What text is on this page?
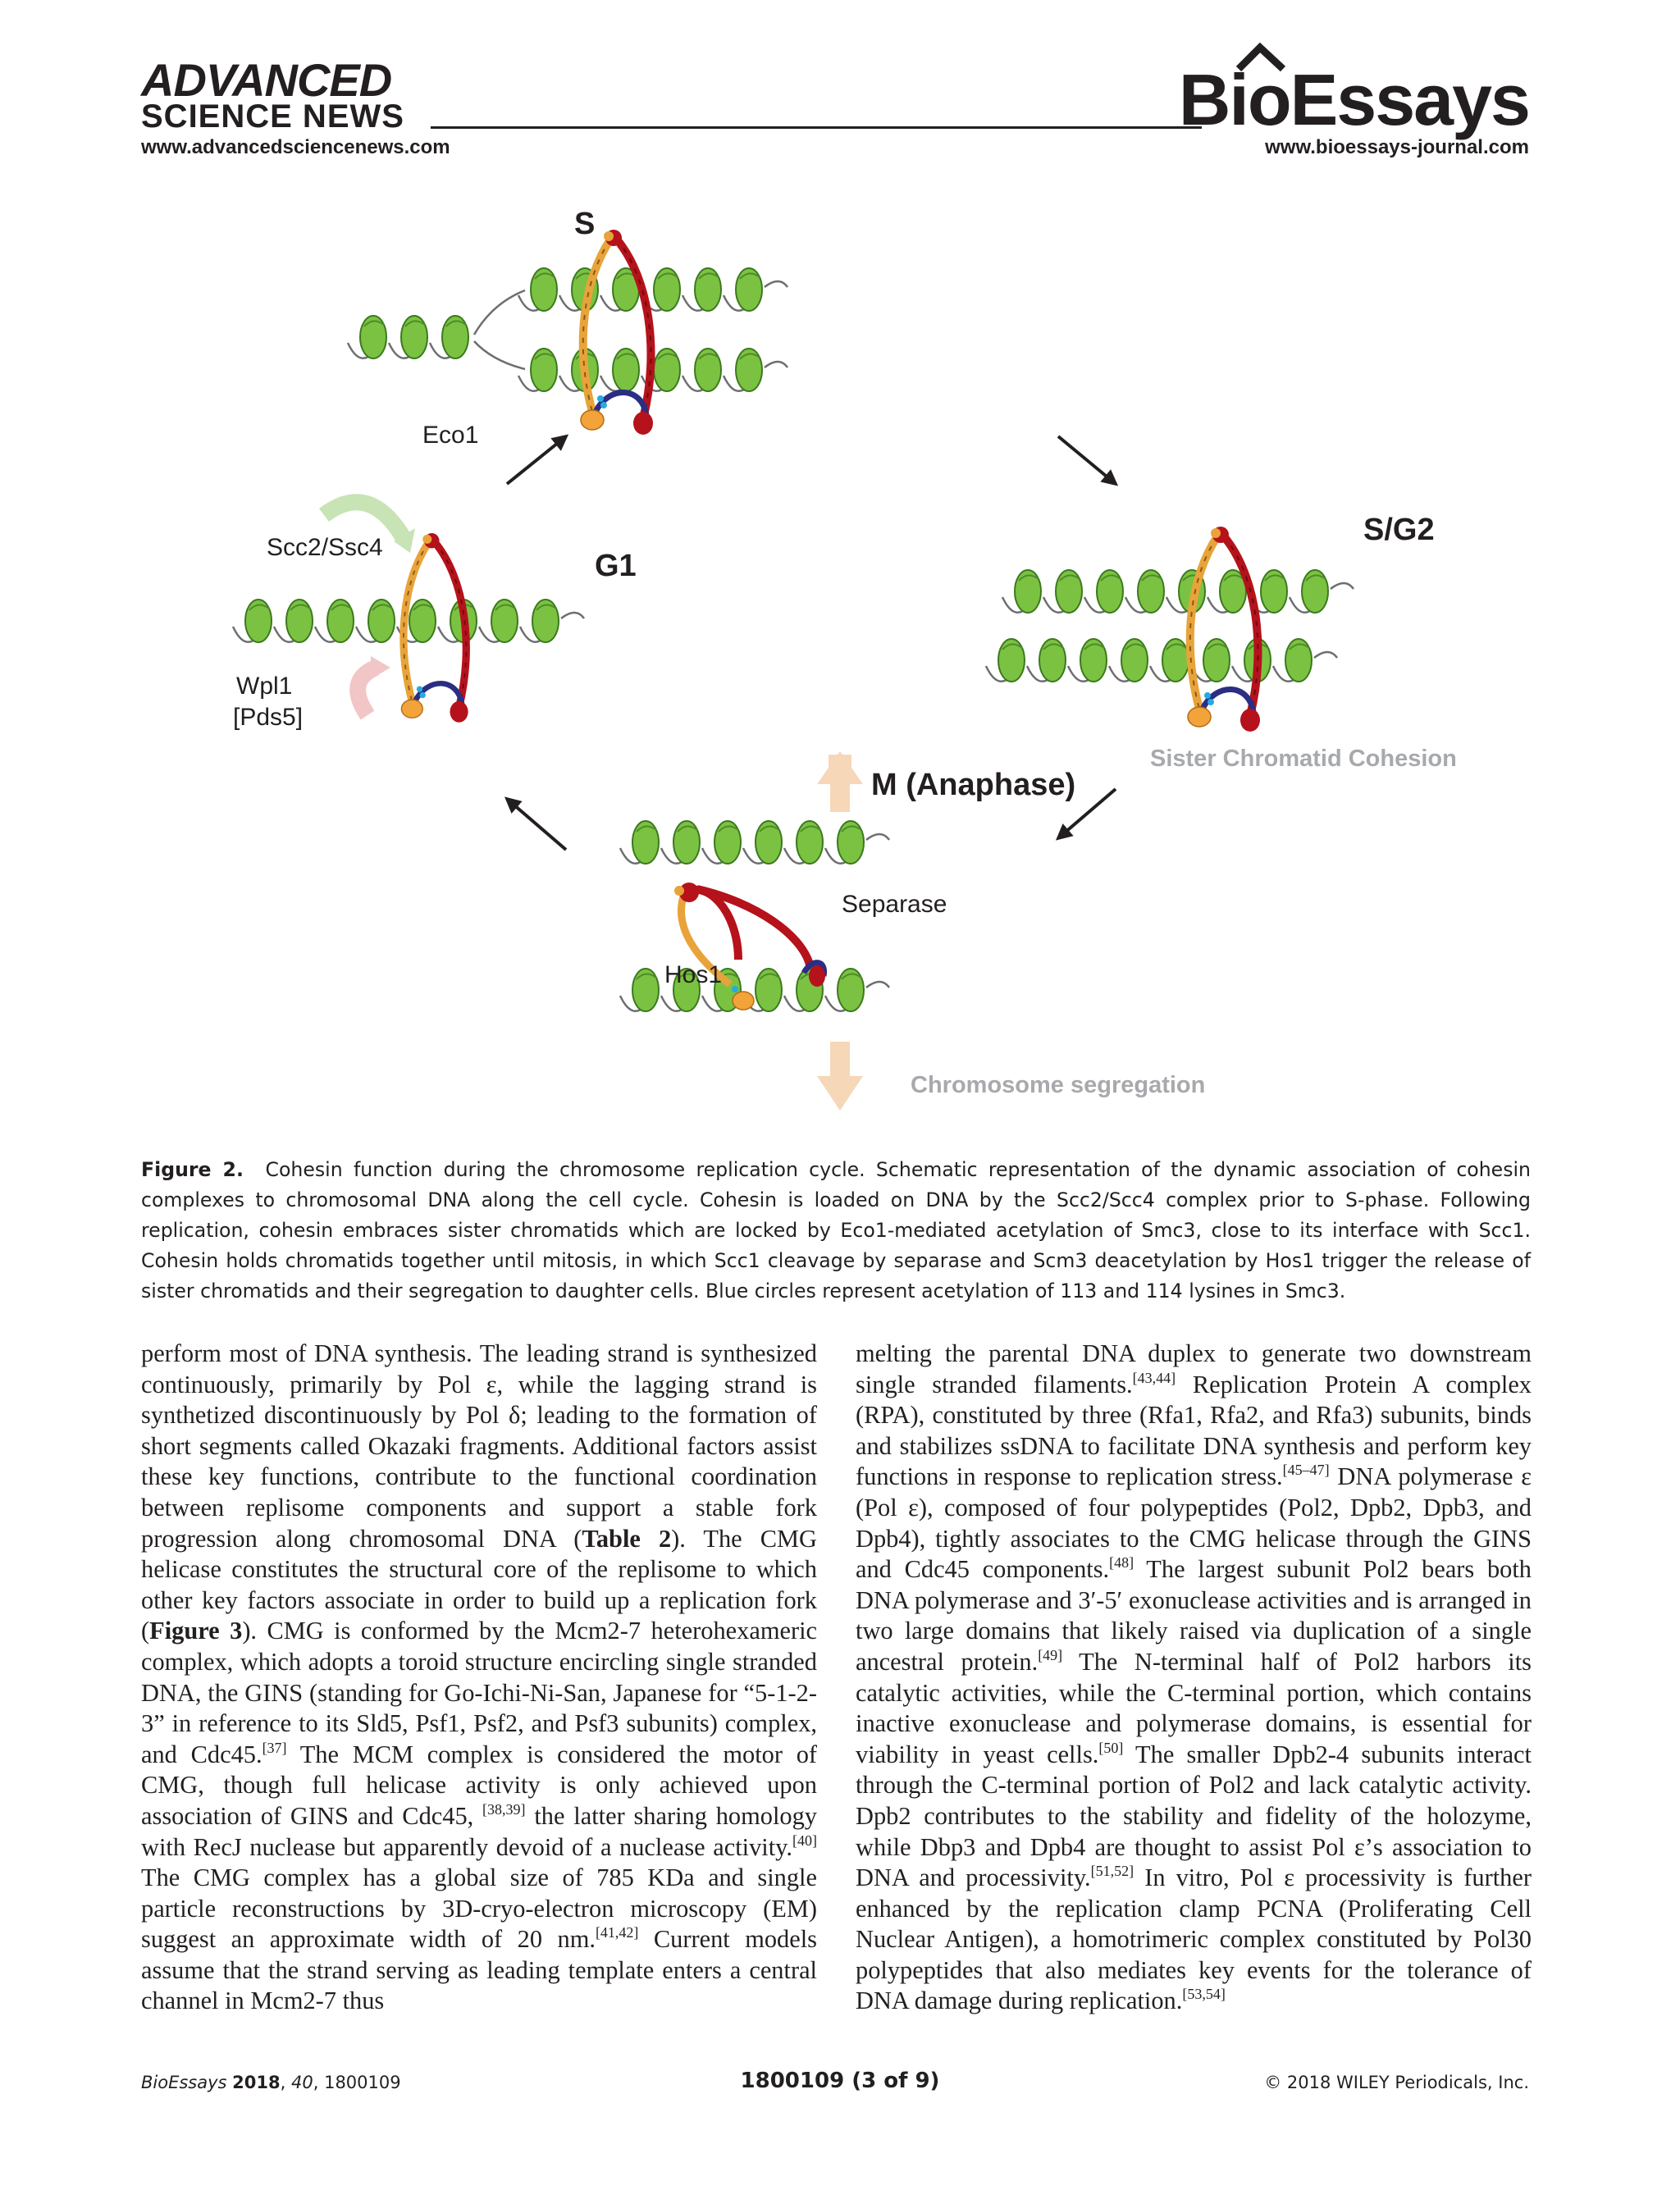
ADVANCED
SCIENCE NEWS
www.advancedsciencenews.com
BioEssays
www.bioessays-journal.com
S
Eco1
Scc2/Ssc4
G1
Wpl1
[Pds5]
S/G2
Sister Chromatid Cohesion
M (Anaphase)
Separase
Hos1
Chromosome segregation
Figure 2. Cohesin function during the chromosome replication cycle. Schematic representation of the dynamic association of cohesin complexes to chromosomal DNA along the cell cycle. Cohesin is loaded on DNA by the Scc2/Scc4 complex prior to S-phase. Following replication, cohesin embraces sister chromatids which are locked by Eco1-mediated acetylation of Smc3, close to its interface with Scc1. Cohesin holds chromatids together until mitosis, in which Scc1 cleavage by separase and Scm3 deacetylation by Hos1 trigger the release of sister chromatids and their segregation to daughter cells. Blue circles represent acetylation of 113 and 114 lysines in Smc3.
perform most of DNA synthesis. The leading strand is synthesized continuously, primarily by Pol ε, while the lagging strand is synthetized discontinuously by Pol δ; leading to the formation of short segments called Okazaki fragments. Additional factors assist these key functions, contribute to the functional coordination between replisome components and support a stable fork progression along chromosomal DNA (Table 2). The CMG helicase constitutes the structural core of the replisome to which other key factors associate in order to build up a replication fork (Figure 3). CMG is conformed by the Mcm2-7 heterohexameric complex, which adopts a toroid structure encircling single stranded DNA, the GINS (standing for Go-Ichi-Ni-San, Japanese for “5-1-2-3” in reference to its Sld5, Psf1, Psf2, and Psf3 subunits) complex, and Cdc45.[37] The MCM complex is considered the motor of CMG, though full helicase activity is only achieved upon association of GINS and Cdc45, [38,39] the latter sharing homology with RecJ nuclease but apparently devoid of a nuclease activity.[40] The CMG complex has a global size of 785 KDa and single particle reconstructions by 3D-cryo-electron microscopy (EM) suggest an approximate width of 20 nm.[41,42] Current models assume that the strand serving as leading template enters a central channel in Mcm2-7 thus
melting the parental DNA duplex to generate two downstream single stranded filaments.[43,44] Replication Protein A complex (RPA), constituted by three (Rfa1, Rfa2, and Rfa3) subunits, binds and stabilizes ssDNA to facilitate DNA synthesis and perform key functions in response to replication stress.[45–47] DNA polymerase ε (Pol ε), composed of four polypeptides (Pol2, Dpb2, Dpb3, and Dpb4), tightly associates to the CMG helicase through the GINS and Cdc45 components.[48] The largest subunit Pol2 bears both DNA polymerase and 3′-5′ exonuclease activities and is arranged in two large domains that likely raised via duplication of a single ancestral protein.[49] The N-terminal half of Pol2 harbors its catalytic activities, while the C-terminal portion, which contains inactive exonuclease and polymerase domains, is essential for viability in yeast cells.[50] The smaller Dpb2-4 subunits interact through the C-terminal portion of Pol2 and lack catalytic activity. Dpb2 contributes to the stability and fidelity of the holozyme, while Dbp3 and Dpb4 are thought to assist Pol ε’s association to DNA and processivity.[51,52] In vitro, Pol ε processivity is further enhanced by the replication clamp PCNA (Proliferating Cell Nuclear Antigen), a homotrimeric complex constituted by Pol30 polypeptides that also mediates key events for the tolerance of DNA damage during replication.[53,54]
BioEssays 2018, 40, 1800109	1800109 (3 of 9)	© 2018 WILEY Periodicals, Inc.
